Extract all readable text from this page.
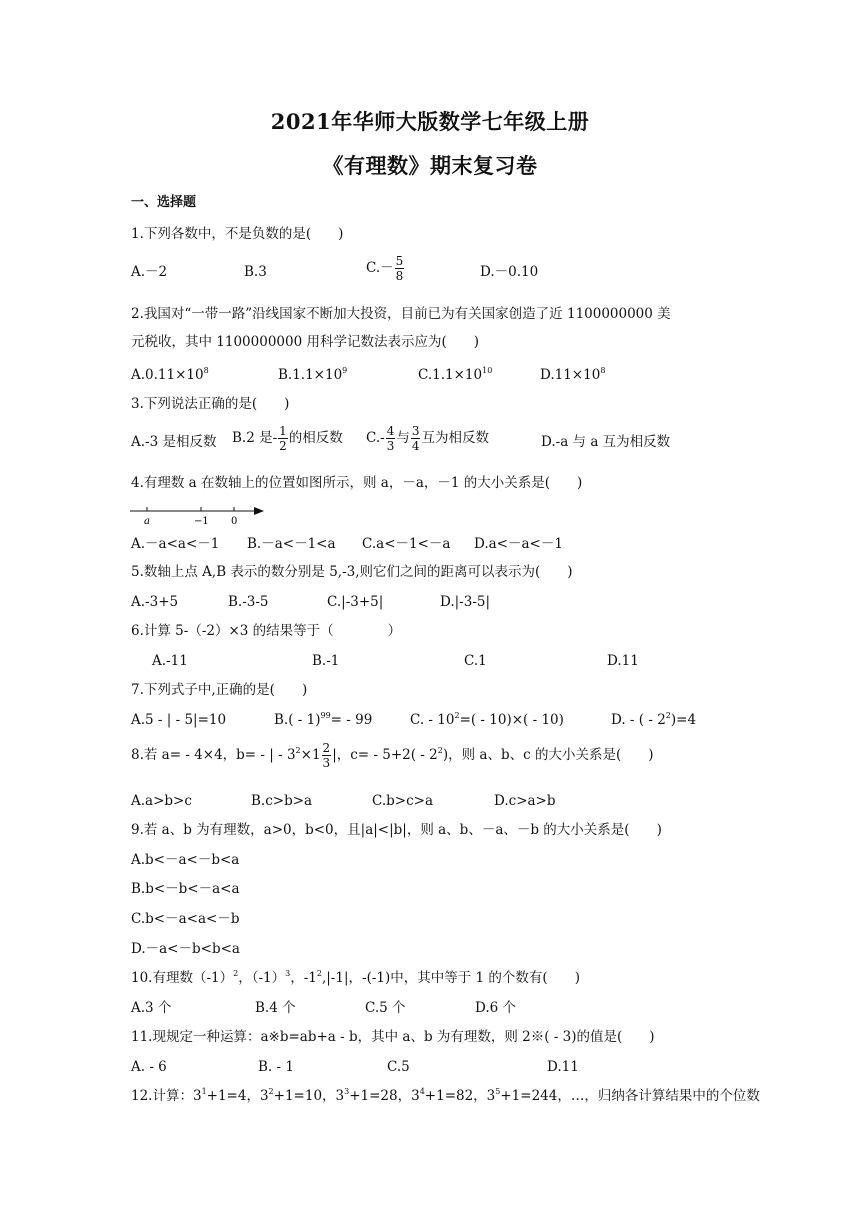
2021年华师大版数学七年级上册
《有理数》期末复习卷
一、选择题
1.下列各数中，不是负数的是(　　)
A.－2	B.3	$C.- \frac{5}{8}$	D.－0.10
2.我国对“一带一路”沿线国家不断加大投资，目前已为有关国家创造了近 1100000000 美
元税收，其中 1100000000 用科学记数法表示应为(　　)
$A.0.11\times 10^8$	$B.1.1\times 10^9$	$C.1.1\times 10^{10}$	$D.11\times 10^8$
3.下列说法正确的是(　　)
A.-3 是相反数 B.2 是- $\frac{1}{2}$ 的相反数 $C.- \frac{4}{3}$ 与 $\frac{3}{4}$ 互为相反数	D.-a 与 a 互为相反数
4.有理数 a 在数轴上的位置如图所示，则 a，－a，－1 的大小关系是(　　)
a	−1 0
A.－a<a<－1 B.－a<－1<a C.a<－1<－a D.a<－a<－1
5.数轴上点 A,B 表示的数分别是 5,-3,则它们之间的距离可以表示为(　　)
A.-3+5	B.-3-5	C.|-3+5|	D.|-3-5|
6.计算 5-（-2）×3 的结果等于（　　　　）
A.-11	B.-1	C.1	D.11
7.下列式子中,正确的是(　　)
A.5 - | - 5|=10	B.( - 1)$^{99}$= - 99	C. - $10^2=( - 10)\times( - 10)$	D. - ( - $2^2)=4$
8.若 a= - 4×4，b= - | - $3^2\times 1 \frac{2}{3}$ |，$c= - 5+2( - 2^2)$，则 a、b、c 的大小关系是(　　)
A.a>b>c	B.c>b>a	C.b>c>a	D.c>a>b
9.若 a、b 为有理数，a>0，b<0，且|a|<|b|，则 a、b、－a、－b 的大小关系是(　　)
A.b<－a<－b<a
B.b<－b<－a<a
C.b<－a<a<－b
D.－a<－b<b<a
10.有理数$(-1)^2$，$(-1)^3$，$-1^2,|-1|$，-(-1)中，其中等于 1 的个数有(　　)
A.3 个	B.4 个	C.5 个	D.6 个
11.现规定一种运算：a※b=ab+a - b，其中 a、b 为有理数，则 2※( - 3)的值是(　　)
A. - 6	B. - 1	C.5	D.11
12.计算：$3^1+1=4$，$3^2+1=10$，$3^3+1=28$，$3^4+1=82$，$3^5+1=244$，…，归纳各计算结果中的个位数
